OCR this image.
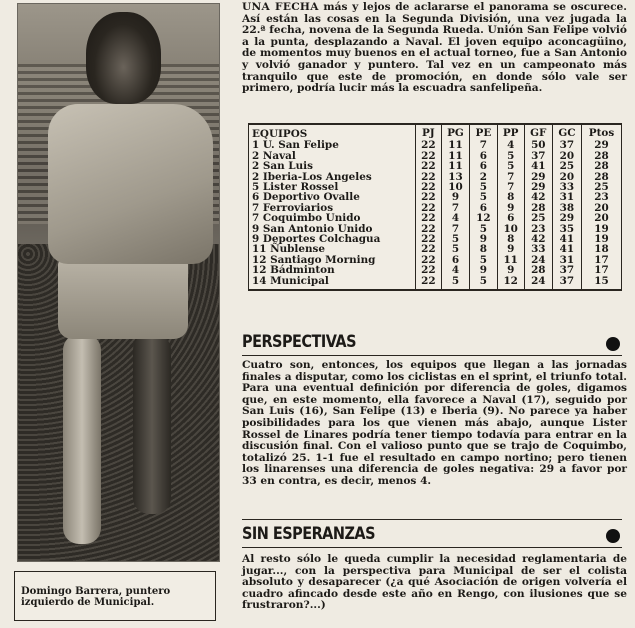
Domingo Barrera, puntero izquierdo de Municipal.

UNA FECHA más y lejos de aclararse el panorama se oscurece. Así están las cosas en la Segunda División, una vez jugada la 22.ª fecha, novena de la Segunda Rueda. Unión San Felipe volvió a la punta, desplazando a Naval. El joven equipo aconcagüino, de momentos muy buenos en el actual torneo, fue a San Antonio y volvió ganador y puntero. Tal vez en un campeonato más tranquilo que este de promoción, en donde sólo vale ser primero, podría lucir más la escuadra sanfelipeña.

EQUIPOS	PJ	PG	PE	PP	GF	GC	Ptos
1 U. San Felipe	22	11	7	4	50	37	29
2 Naval	22	11	6	5	37	20	28
2 San Luis	22	11	6	5	41	25	28
2 Iberia-Los Angeles	22	13	2	7	29	20	28
5 Lister Rossel	22	10	5	7	29	33	25
6 Deportivo Ovalle	22	9	5	8	42	31	23
7 Ferroviarios	22	7	6	9	28	38	20
7 Coquimbo Unido	22	4	12	6	25	29	20
9 San Antonio Unido	22	7	5	10	23	35	19
9 Deportes Colchagua	22	5	9	8	42	41	19
11 Ñublense	22	5	8	9	33	41	18
12 Santiago Morning	22	6	5	11	24	31	17
12 Bádminton	22	4	9	9	28	37	17
14 Municipal	22	5	5	12	24	37	15
PERSPECTIVAS

Cuatro son, entonces, los equipos que llegan a las jornadas finales a disputar, como los ciclistas en el sprint, el triunfo total. Para una eventual definición por diferencia de goles, digamos que, en este momento, ella favorece a Naval (17), seguido por San Luis (16), San Felipe (13) e Iberia (9). No parece ya haber posibilidades para los que vienen más abajo, aunque Lister Rossel de Linares podría tener tiempo todavía para entrar en la discusión final. Con el valioso punto que se trajo de Coquimbo, totalizó 25. 1-1 fue el resultado en campo nortino; pero tienen los linarenses una diferencia de goles negativa: 29 a favor por 33 en contra, es decir, menos 4.

SIN ESPERANZAS

Al resto sólo le queda cumplir la necesidad reglamentaria de jugar..., con la perspectiva para Municipal de ser el colista absoluto y desaparecer (¿a qué Asociación de origen volvería el cuadro afincado desde este año en Rengo, con ilusiones que se frustraron?...)
